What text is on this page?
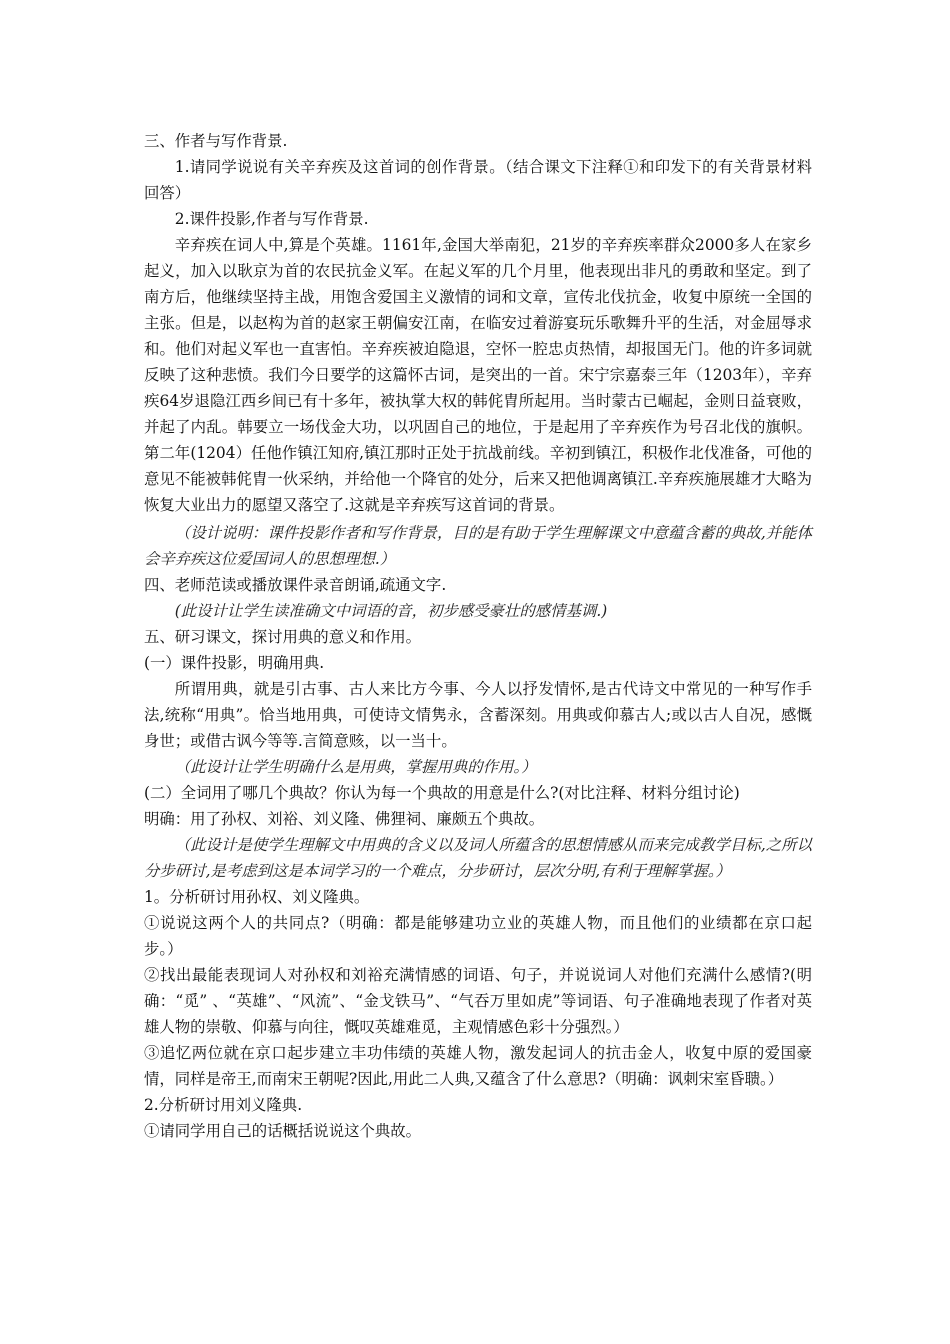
三、作者与写作背景.

1.请同学说说有关辛弃疾及这首词的创作背景。（结合课文下注释①和印发下的有关背景材料回答）

2.课件投影,作者与写作背景.

辛弃疾在词人中,算是个英雄。1161年,金国大举南犯，21岁的辛弃疾率群众2000多人在家乡起义，加入以耿京为首的农民抗金义军。在起义军的几个月里，他表现出非凡的勇敢和坚定。到了南方后，他继续坚持主战，用饱含爱国主义激情的词和文章，宣传北伐抗金，收复中原统一全国的主张。但是，以赵构为首的赵家王朝偏安江南，在临安过着游宴玩乐歌舞升平的生活，对金屈辱求和。他们对起义军也一直害怕。辛弃疾被迫隐退，空怀一腔忠贞热情，却报国无门。他的许多词就反映了这种悲愤。我们今日要学的这篇怀古词，是突出的一首。宋宁宗嘉泰三年（1203年），辛弃疾64岁退隐江西乡间已有十多年，被执掌大权的韩侂胄所起用。当时蒙古已崛起，金则日益衰败，并起了内乱。韩要立一场伐金大功，以巩固自己的地位，于是起用了辛弃疾作为号召北伐的旗帜。第二年(1204）任他作镇江知府,镇江那时正处于抗战前线。辛初到镇江，积极作北伐准备，可他的意见不能被韩侂胄一伙采纳，并给他一个降官的处分，后来又把他调离镇江.辛弃疾施展雄才大略为恢复大业出力的愿望又落空了.这就是辛弃疾写这首词的背景。

（设计说明：课件投影作者和写作背景，目的是有助于学生理解课文中意蕴含蓄的典故,并能体会辛弃疾这位爱国词人的思想理想.）

四、老师范读或播放课件录音朗诵,疏通文字.

(此设计让学生读准确文中词语的音，初步感受豪壮的感情基调.)

五、研习课文，探讨用典的意义和作用。

(一）课件投影，明确用典.

所谓用典，就是引古事、古人来比方今事、今人以抒发情怀,是古代诗文中常见的一种写作手法,统称“用典”。恰当地用典，可使诗文情隽永，含蓄深刻。用典或仰慕古人;或以古人自况，感慨身世；或借古讽今等等.言简意赅，以一当十。

（此设计让学生明确什么是用典，掌握用典的作用。）

(二）全词用了哪几个典故？你认为每一个典故的用意是什么?(对比注释、材料分组讨论)

明确：用了孙权、刘裕、刘义隆、佛狸祠、廉颇五个典故。

（此设计是使学生理解文中用典的含义以及词人所蕴含的思想情感从而来完成教学目标,之所以分步研讨,是考虑到这是本词学习的一个难点，分步研讨，层次分明,有利于理解掌握。）

1。分析研讨用孙权、刘义隆典。

①说说这两个人的共同点?（明确：都是能够建功立业的英雄人物，而且他们的业绩都在京口起步。）

②找出最能表现词人对孙权和刘裕充满情感的词语、句子，并说说词人对他们充满什么感情?(明确：“觅” 、“英雄”、“风流”、“金戈铁马”、“气吞万里如虎”等词语、句子准确地表现了作者对英雄人物的崇敬、仰慕与向往，慨叹英雄难觅，主观情感色彩十分强烈。）

③追忆两位就在京口起步建立丰功伟绩的英雄人物，激发起词人的抗击金人，收复中原的爱国豪情，同样是帝王,而南宋王朝呢?因此,用此二人典,又蕴含了什么意思?（明确：讽刺宋室昏聩。）

2.分析研讨用刘义隆典.

①请同学用自己的话概括说说这个典故。
